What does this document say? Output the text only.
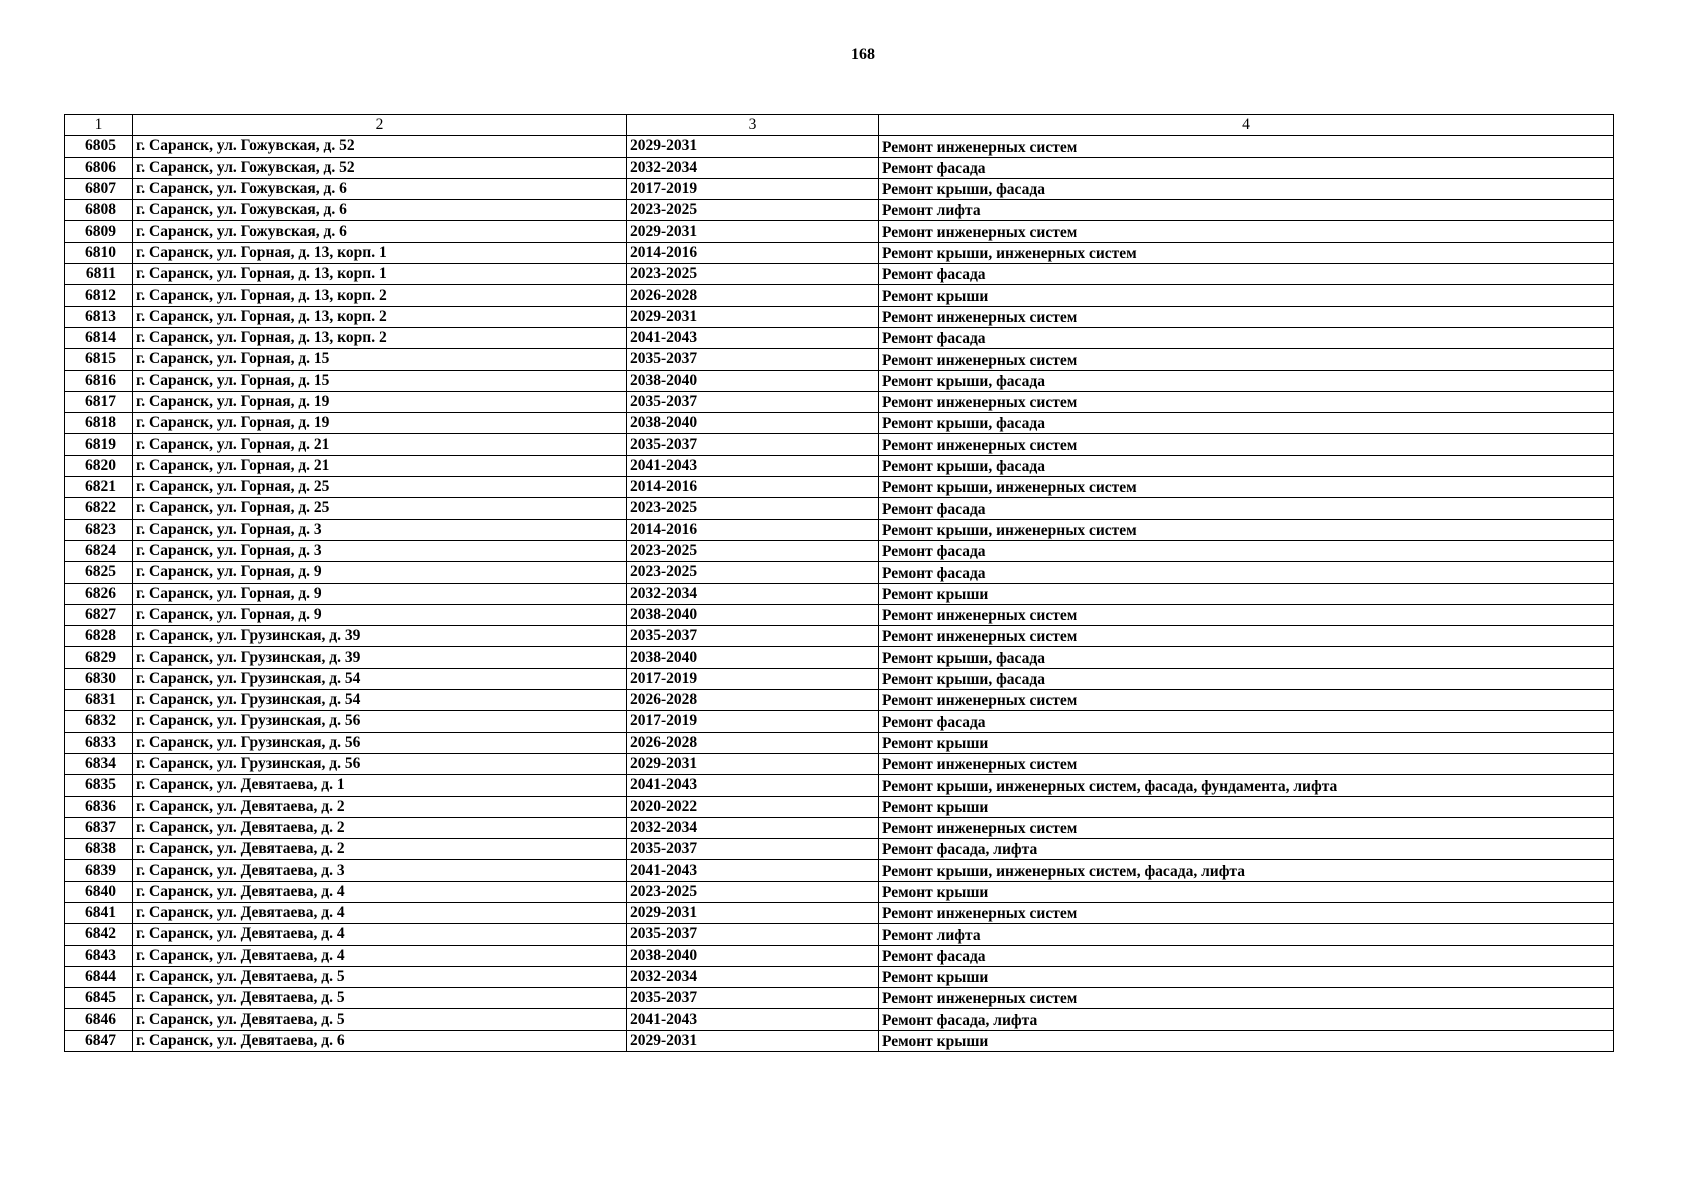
168
1	2	3	4
6805	г. Саранск, ул. Гожувская, д. 52	2029-2031	Ремонт инженерных систем
6806	г. Саранск, ул. Гожувская, д. 52	2032-2034	Ремонт фасада
6807	г. Саранск, ул. Гожувская, д. 6	2017-2019	Ремонт крыши, фасада
6808	г. Саранск, ул. Гожувская, д. 6	2023-2025	Ремонт лифта
6809	г. Саранск, ул. Гожувская, д. 6	2029-2031	Ремонт инженерных систем
6810	г. Саранск, ул. Горная, д. 13, корп. 1	2014-2016	Ремонт крыши, инженерных систем
6811	г. Саранск, ул. Горная, д. 13, корп. 1	2023-2025	Ремонт фасада
6812	г. Саранск, ул. Горная, д. 13, корп. 2	2026-2028	Ремонт крыши
6813	г. Саранск, ул. Горная, д. 13, корп. 2	2029-2031	Ремонт инженерных систем
6814	г. Саранск, ул. Горная, д. 13, корп. 2	2041-2043	Ремонт фасада
6815	г. Саранск, ул. Горная, д. 15	2035-2037	Ремонт инженерных систем
6816	г. Саранск, ул. Горная, д. 15	2038-2040	Ремонт крыши, фасада
6817	г. Саранск, ул. Горная, д. 19	2035-2037	Ремонт инженерных систем
6818	г. Саранск, ул. Горная, д. 19	2038-2040	Ремонт крыши, фасада
6819	г. Саранск, ул. Горная, д. 21	2035-2037	Ремонт инженерных систем
6820	г. Саранск, ул. Горная, д. 21	2041-2043	Ремонт крыши, фасада
6821	г. Саранск, ул. Горная, д. 25	2014-2016	Ремонт крыши, инженерных систем
6822	г. Саранск, ул. Горная, д. 25	2023-2025	Ремонт фасада
6823	г. Саранск, ул. Горная, д. 3	2014-2016	Ремонт крыши, инженерных систем
6824	г. Саранск, ул. Горная, д. 3	2023-2025	Ремонт фасада
6825	г. Саранск, ул. Горная, д. 9	2023-2025	Ремонт фасада
6826	г. Саранск, ул. Горная, д. 9	2032-2034	Ремонт крыши
6827	г. Саранск, ул. Горная, д. 9	2038-2040	Ремонт инженерных систем
6828	г. Саранск, ул. Грузинская, д. 39	2035-2037	Ремонт инженерных систем
6829	г. Саранск, ул. Грузинская, д. 39	2038-2040	Ремонт крыши, фасада
6830	г. Саранск, ул. Грузинская, д. 54	2017-2019	Ремонт крыши, фасада
6831	г. Саранск, ул. Грузинская, д. 54	2026-2028	Ремонт инженерных систем
6832	г. Саранск, ул. Грузинская, д. 56	2017-2019	Ремонт фасада
6833	г. Саранск, ул. Грузинская, д. 56	2026-2028	Ремонт крыши
6834	г. Саранск, ул. Грузинская, д. 56	2029-2031	Ремонт инженерных систем
6835	г. Саранск, ул. Девятаева, д. 1	2041-2043	Ремонт крыши, инженерных систем, фасада, фундамента, лифта
6836	г. Саранск, ул. Девятаева, д. 2	2020-2022	Ремонт крыши
6837	г. Саранск, ул. Девятаева, д. 2	2032-2034	Ремонт инженерных систем
6838	г. Саранск, ул. Девятаева, д. 2	2035-2037	Ремонт фасада, лифта
6839	г. Саранск, ул. Девятаева, д. 3	2041-2043	Ремонт крыши, инженерных систем, фасада, лифта
6840	г. Саранск, ул. Девятаева, д. 4	2023-2025	Ремонт крыши
6841	г. Саранск, ул. Девятаева, д. 4	2029-2031	Ремонт инженерных систем
6842	г. Саранск, ул. Девятаева, д. 4	2035-2037	Ремонт лифта
6843	г. Саранск, ул. Девятаева, д. 4	2038-2040	Ремонт фасада
6844	г. Саранск, ул. Девятаева, д. 5	2032-2034	Ремонт крыши
6845	г. Саранск, ул. Девятаева, д. 5	2035-2037	Ремонт инженерных систем
6846	г. Саранск, ул. Девятаева, д. 5	2041-2043	Ремонт фасада, лифта
6847	г. Саранск, ул. Девятаева, д. 6	2029-2031	Ремонт крыши
